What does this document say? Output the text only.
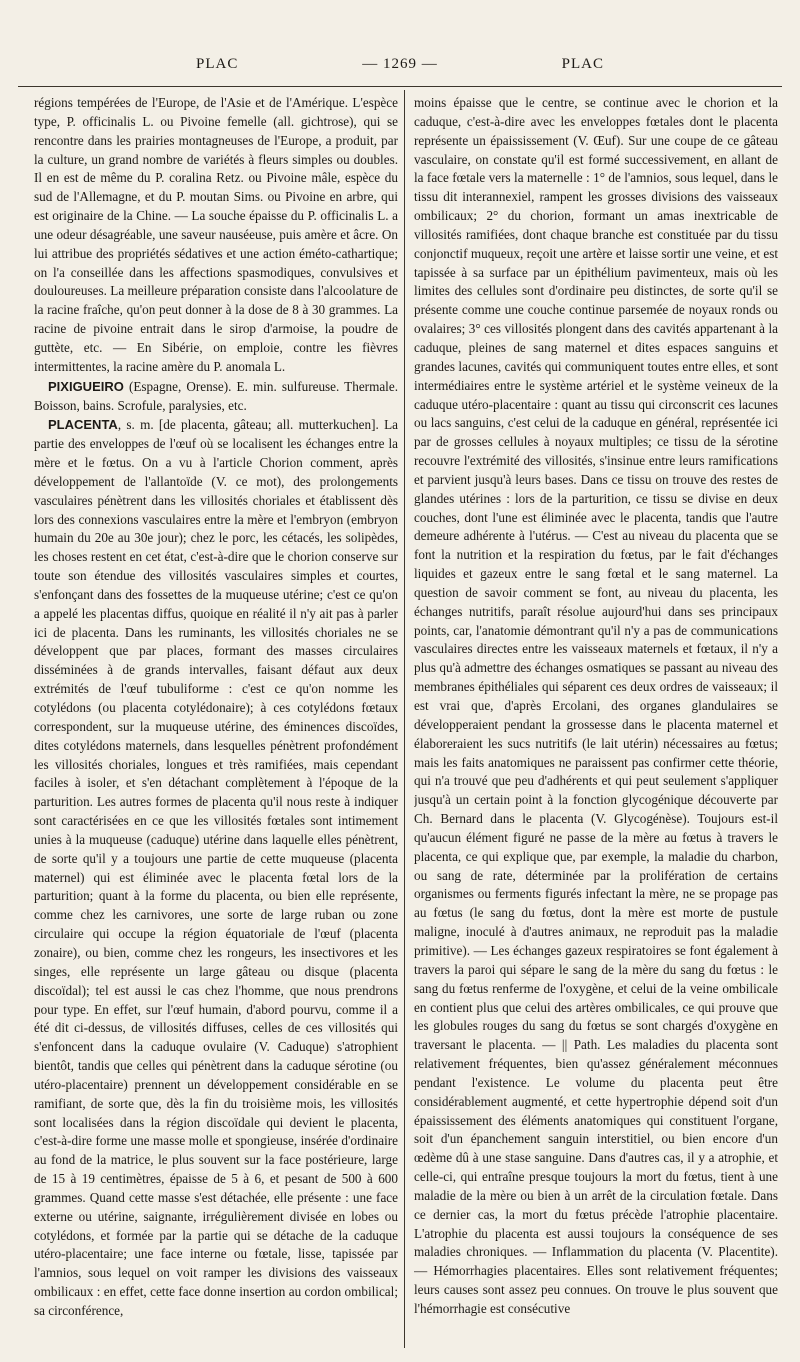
PLAC	— 1269 —	PLAC

régions tempérées de l'Europe, de l'Asie et de l'Amérique. L'espèce type, P. officinalis L. ou Pivoine femelle (all. gichtrose), qui se rencontre dans les prairies montagneuses de l'Europe, a produit, par la culture, un grand nombre de variétés à fleurs simples ou doubles. Il en est de même du P. coralina Retz. ou Pivoine mâle, espèce du sud de l'Allemagne, et du P. moutan Sims. ou Pivoine en arbre, qui est originaire de la Chine. — La souche épaisse du P. officinalis L. a une odeur désagréable, une saveur nauséeuse, puis amère et âcre. On lui attribue des propriétés sédatives et une action éméto-cathartique; on l'a conseillée dans les affections spasmodiques, convulsives et douloureuses. La meilleure préparation consiste dans l'alcoolature de la racine fraîche, qu'on peut donner à la dose de 8 à 30 grammes. La racine de pivoine entrait dans le sirop d'armoise, la poudre de guttète, etc. — En Sibérie, on emploie, contre les fièvres intermittentes, la racine amère du P. anomala L.

PIXIGUEIRO (Espagne, Orense). E. min. sulfureuse. Thermale. Boisson, bains. Scrofule, paralysies, etc.

PLACENTA, s. m. [de placenta, gâteau; all. mutterkuchen]. La partie des enveloppes de l'œuf où se localisent les échanges entre la mère et le fœtus. On a vu à l'article Chorion comment, après développement de l'allantoïde (V. ce mot), des prolongements vasculaires pénètrent dans les villosités choriales et établissent dès lors des connexions vasculaires entre la mère et l'embryon (embryon humain du 20e au 30e jour); chez le porc, les cétacés, les solipèdes, les choses restent en cet état, c'est-à-dire que le chorion conserve sur toute son étendue des villosités vasculaires simples et courtes, s'enfonçant dans des fossettes de la muqueuse utérine; c'est ce qu'on a appelé les placentas diffus, quoique en réalité il n'y ait pas à parler ici de placenta. Dans les ruminants, les villosités choriales ne se développent que par places, formant des masses circulaires disséminées à de grands intervalles, faisant défaut aux deux extrémités de l'œuf tubuliforme : c'est ce qu'on nomme les cotylédons (ou placenta cotylédonaire); à ces cotylédons fœtaux correspondent, sur la muqueuse utérine, des éminences discoïdes, dites cotylédons maternels, dans lesquelles pénètrent profondément les villosités choriales, longues et très ramifiées, mais cependant faciles à isoler, et s'en détachant complètement à l'époque de la parturition. Les autres formes de placenta qu'il nous reste à indiquer sont caractérisées en ce que les villosités fœtales sont intimement unies à la muqueuse (caduque) utérine dans laquelle elles pénètrent, de sorte qu'il y a toujours une partie de cette muqueuse (placenta maternel) qui est éliminée avec le placenta fœtal lors de la parturition; quant à la forme du placenta, ou bien elle représente, comme chez les carnivores, une sorte de large ruban ou zone circulaire qui occupe la région équatoriale de l'œuf (placenta zonaire), ou bien, comme chez les rongeurs, les insectivores et les singes, elle représente un large gâteau ou disque (placenta discoïdal); tel est aussi le cas chez l'homme, que nous prendrons pour type. En effet, sur l'œuf humain, d'abord pourvu, comme il a été dit ci-dessus, de villosités diffuses, celles de ces villosités qui s'enfoncent dans la caduque ovulaire (V. Caduque) s'atrophient bientôt, tandis que celles qui pénètrent dans la caduque sérotine (ou utéro-placentaire) prennent un développement considérable en se ramifiant, de sorte que, dès la fin du troisième mois, les villosités sont localisées dans la région discoïdale qui devient le placenta, c'est-à-dire forme une masse molle et spongieuse, insérée d'ordinaire au fond de la matrice, le plus souvent sur la face postérieure, large de 15 à 19 centimètres, épaisse de 5 à 6, et pesant de 500 à 600 grammes. Quand cette masse s'est détachée, elle présente : une face externe ou utérine, saignante, irrégulièrement divisée en lobes ou cotylédons, et formée par la partie qui se détache de la caduque utéro-placentaire; une face interne ou fœtale, lisse, tapissée par l'amnios, sous lequel on voit ramper les divisions des vaisseaux ombilicaux : en effet, cette face donne insertion au cordon ombilical; sa circonférence,

moins épaisse que le centre, se continue avec le chorion et la caduque, c'est-à-dire avec les enveloppes fœtales dont le placenta représente un épaississement (V. Œuf). Sur une coupe de ce gâteau vasculaire, on constate qu'il est formé successivement, en allant de la face fœtale vers la maternelle : 1° de l'amnios, sous lequel, dans le tissu dit interannexiel, rampent les grosses divisions des vaisseaux ombilicaux; 2° du chorion, formant un amas inextricable de villosités ramifiées, dont chaque branche est constituée par du tissu conjonctif muqueux, reçoit une artère et laisse sortir une veine, et est tapissée à sa surface par un épithélium pavimenteux, mais où les limites des cellules sont d'ordinaire peu distinctes, de sorte qu'il se présente comme une couche continue parsemée de noyaux ronds ou ovalaires; 3° ces villosités plongent dans des cavités appartenant à la caduque, pleines de sang maternel et dites espaces sanguins et grandes lacunes, cavités qui communiquent toutes entre elles, et sont intermédiaires entre le système artériel et le système veineux de la caduque utéro-placentaire : quant au tissu qui circonscrit ces lacunes ou lacs sanguins, c'est celui de la caduque en général, représentée ici par de grosses cellules à noyaux multiples; ce tissu de la sérotine recouvre l'extrémité des villosités, s'insinue entre leurs ramifications et parvient jusqu'à leurs bases. Dans ce tissu on trouve des restes de glandes utérines : lors de la parturition, ce tissu se divise en deux couches, dont l'une est éliminée avec le placenta, tandis que l'autre demeure adhérente à l'utérus. — C'est au niveau du placenta que se font la nutrition et la respiration du fœtus, par le fait d'échanges liquides et gazeux entre le sang fœtal et le sang maternel. La question de savoir comment se font, au niveau du placenta, les échanges nutritifs, paraît résolue aujourd'hui dans ses principaux points, car, l'anatomie démontrant qu'il n'y a pas de communications vasculaires directes entre les vaisseaux maternels et fœtaux, il n'y a plus qu'à admettre des échanges osmatiques se passant au niveau des membranes épithéliales qui séparent ces deux ordres de vaisseaux; il est vrai que, d'après Ercolani, des organes glandulaires se développeraient pendant la grossesse dans le placenta maternel et élaboreraient les sucs nutritifs (le lait utérin) nécessaires au fœtus; mais les faits anatomiques ne paraissent pas confirmer cette théorie, qui n'a trouvé que peu d'adhérents et qui peut seulement s'appliquer jusqu'à un certain point à la fonction glycogénique découverte par Ch. Bernard dans le placenta (V. Glycogénèse). Toujours est-il qu'aucun élément figuré ne passe de la mère au fœtus à travers le placenta, ce qui explique que, par exemple, la maladie du charbon, ou sang de rate, déterminée par la prolifération de certains organismes ou ferments figurés infectant la mère, ne se propage pas au fœtus (le sang du fœtus, dont la mère est morte de pustule maligne, inoculé à d'autres animaux, ne reproduit pas la maladie primitive). — Les échanges gazeux respiratoires se font également à travers la paroi qui sépare le sang de la mère du sang du fœtus : le sang du fœtus renferme de l'oxygène, et celui de la veine ombilicale en contient plus que celui des artères ombilicales, ce qui prouve que les globules rouges du sang du fœtus se sont chargés d'oxygène en traversant le placenta. — || Path. Les maladies du placenta sont relativement fréquentes, bien qu'assez généralement méconnues pendant l'existence. Le volume du placenta peut être considérablement augmenté, et cette hypertrophie dépend soit d'un épaississement des éléments anatomiques qui constituent l'organe, soit d'un épanchement sanguin interstitiel, ou bien encore d'un œdème dû à une stase sanguine. Dans d'autres cas, il y a atrophie, et celle-ci, qui entraîne presque toujours la mort du fœtus, tient à une maladie de la mère ou bien à un arrêt de la circulation fœtale. Dans ce dernier cas, la mort du fœtus précède l'atrophie placentaire. L'atrophie du placenta est aussi toujours la conséquence de ses maladies chroniques. — Inflammation du placenta (V. Placentite). — Hémorrhagies placentaires. Elles sont relativement fréquentes; leurs causes sont assez peu connues. On trouve le plus souvent que l'hémorrhagie est consécutive
